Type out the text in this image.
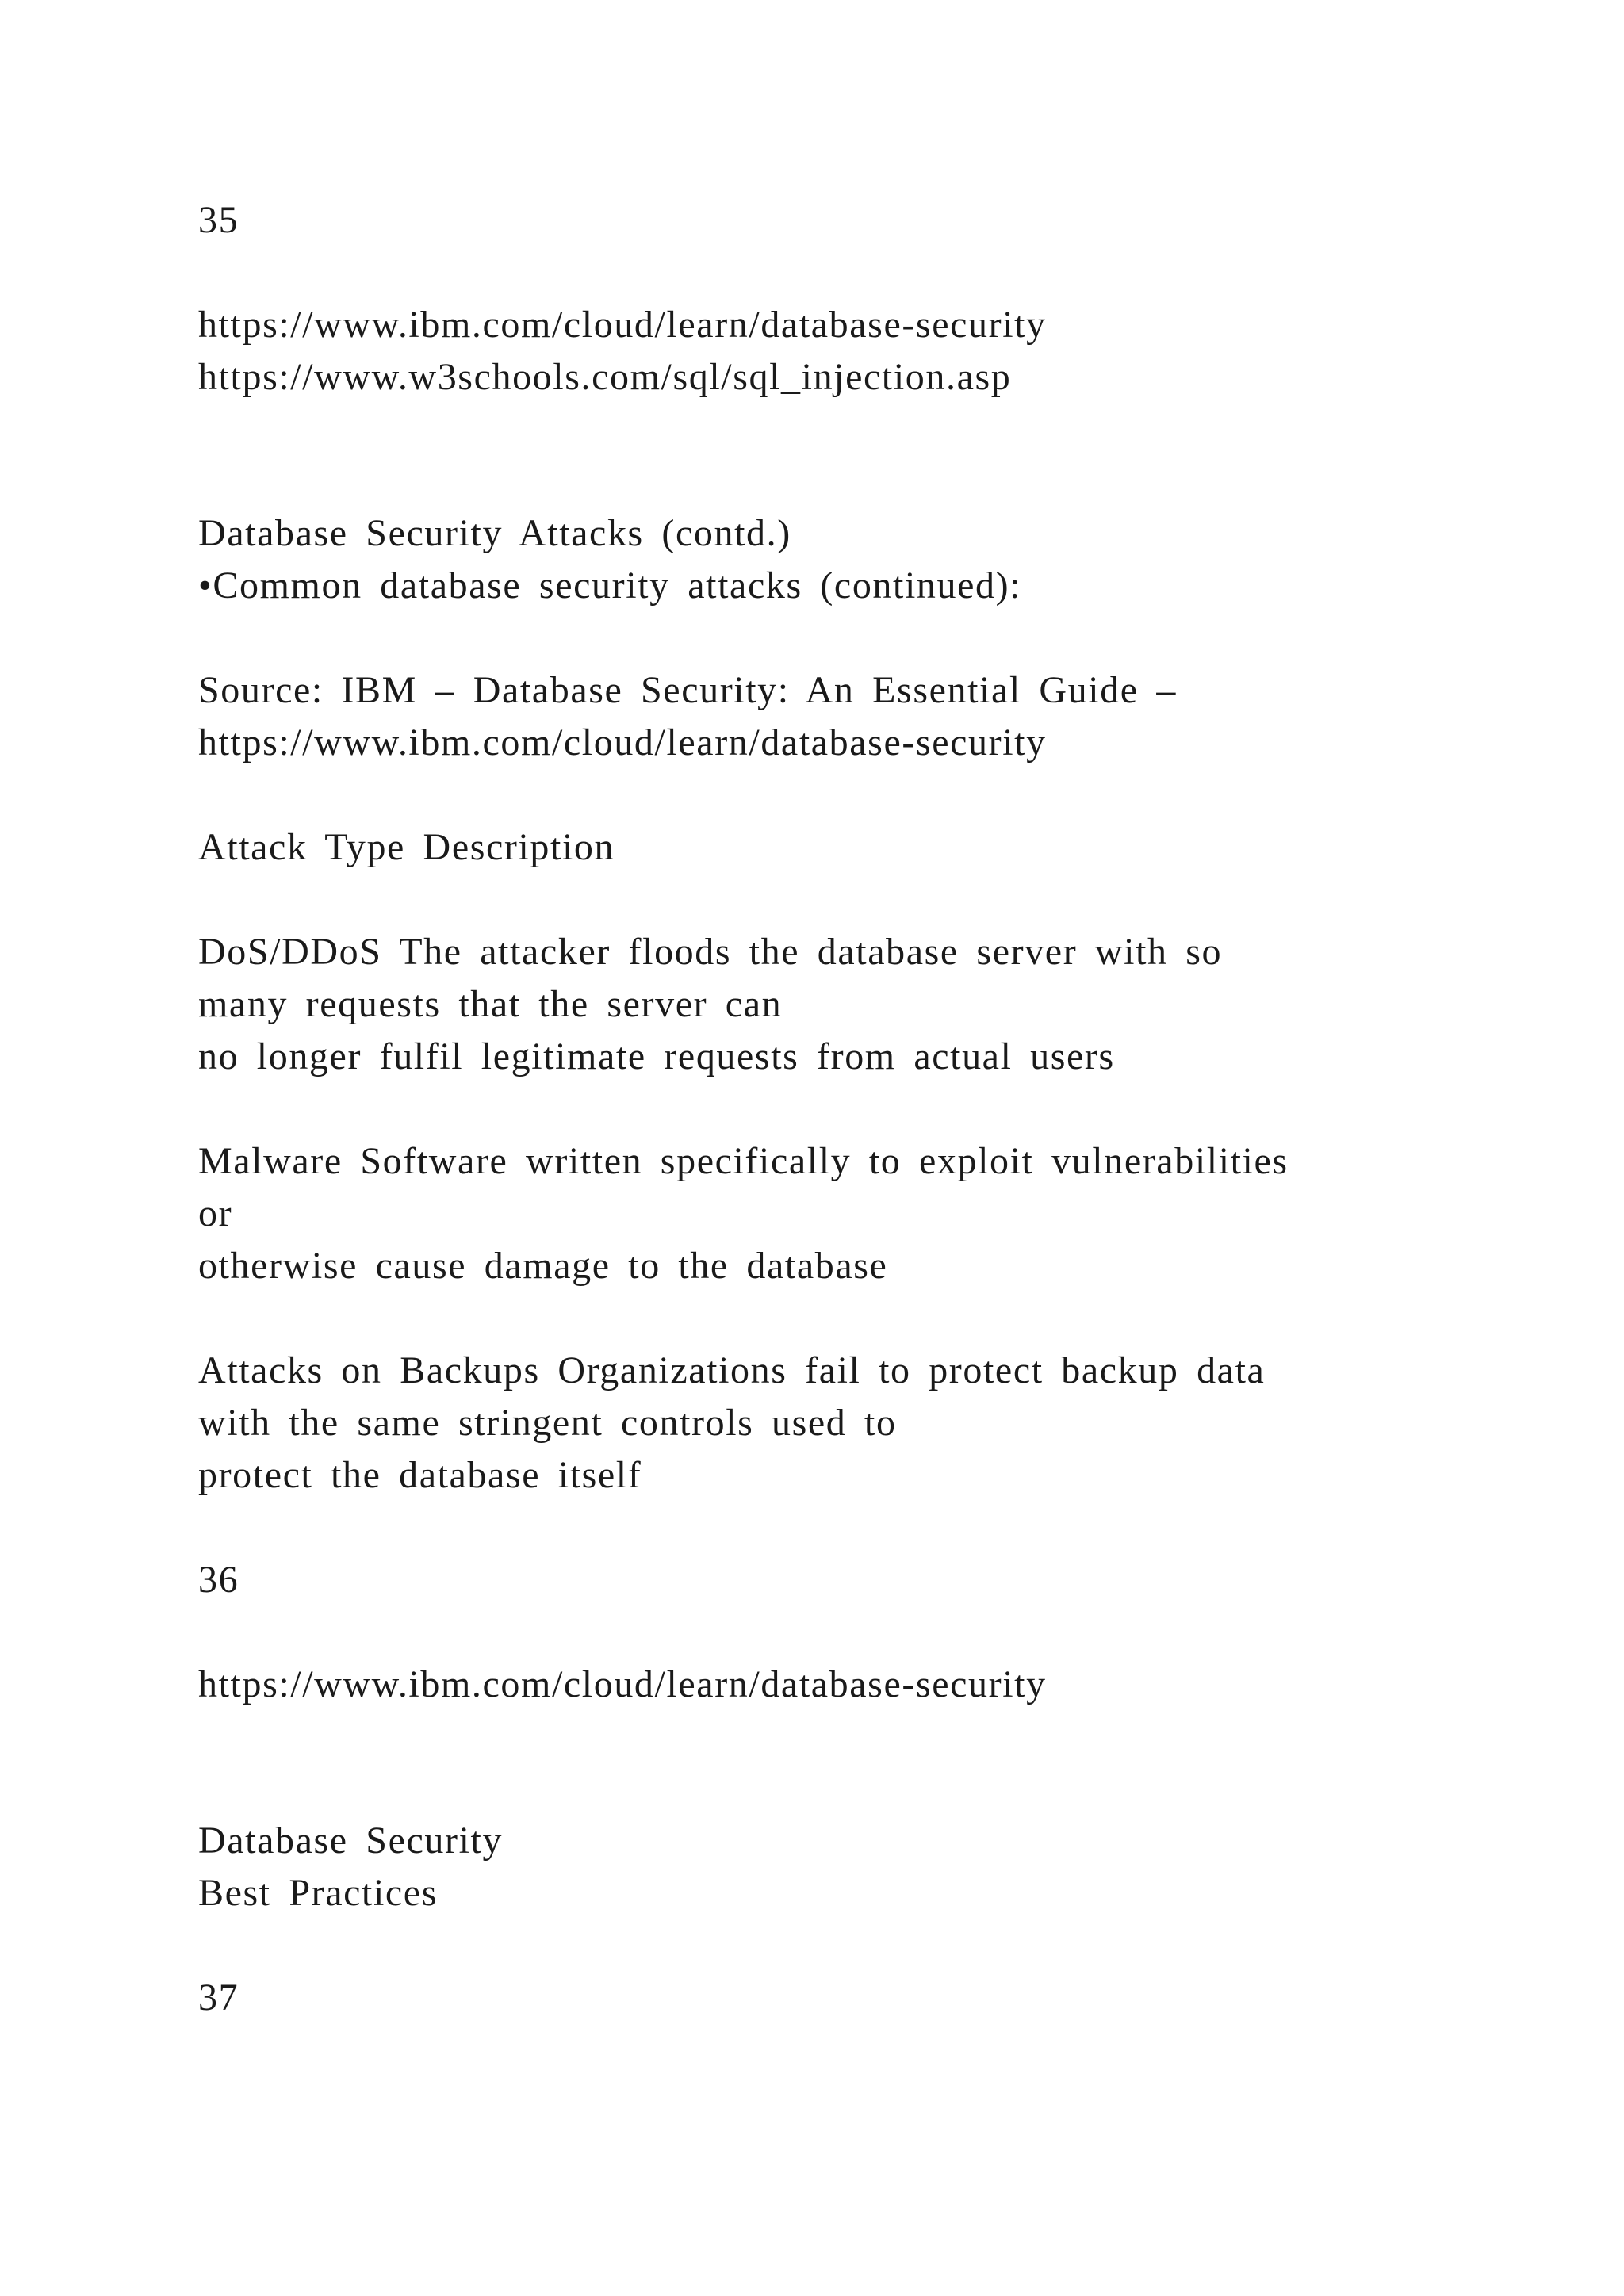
35

https://www.ibm.com/cloud/learn/database-security

https://www.w3schools.com/sql/sql_injection.asp

Database Security Attacks (contd.)

•Common database security attacks (continued):

Source: IBM – Database Security: An Essential Guide –

https://www.ibm.com/cloud/learn/database-security

Attack Type Description

DoS/DDoS The attacker floods the database server with so

many requests that the server can

no longer fulfil legitimate requests from actual users

Malware Software written specifically to exploit vulnerabilities

or

otherwise cause damage to the database

Attacks on Backups Organizations fail to protect backup data

with the same stringent controls used to

protect the database itself

36

https://www.ibm.com/cloud/learn/database-security

Database Security

Best Practices

37
